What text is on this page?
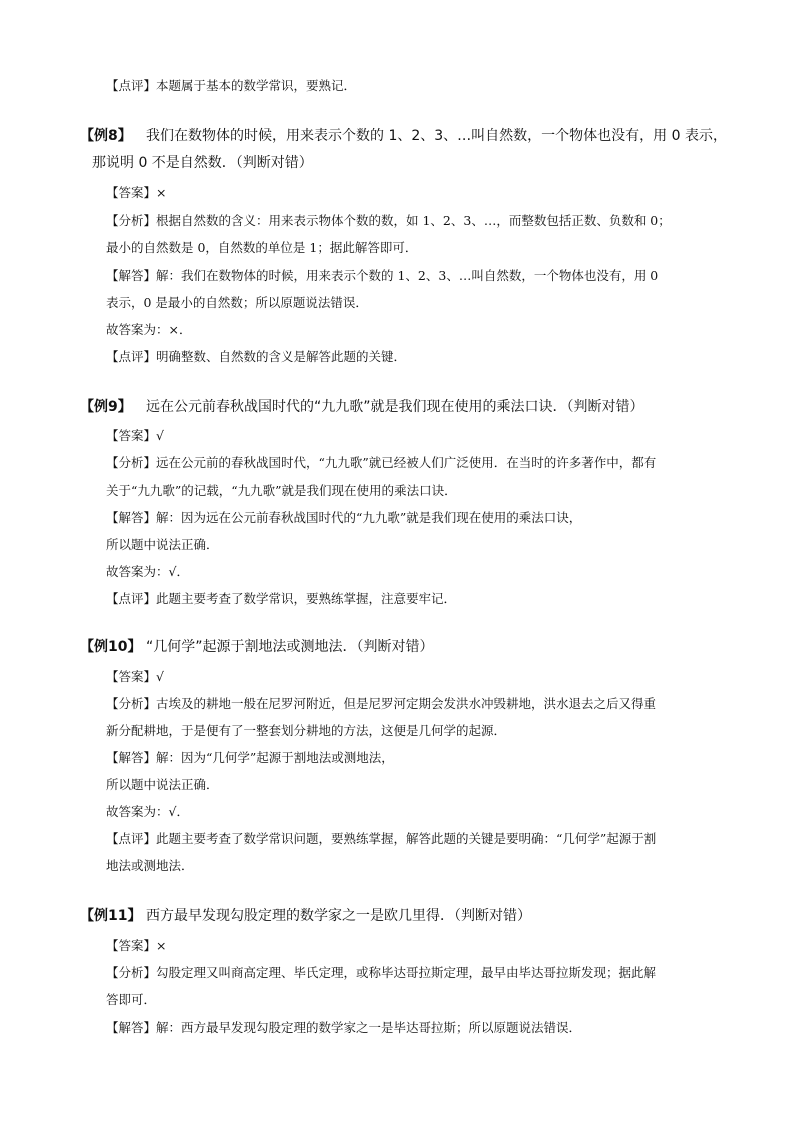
【点评】本题属于基本的数学常识，要熟记．
【例8】 我们在数物体的时候，用来表示个数的 1、2、3、…叫自然数，一个物体也没有，用 0 表示，
那说明 0 不是自然数．（判断对错）
【答案】×
【分析】根据自然数的含义：用来表示物体个数的数，如 1、2、3、…，而整数包括正数、负数和 0；
最小的自然数是 0，自然数的单位是 1；据此解答即可．
【解答】解：我们在数物体的时候，用来表示个数的 1、2、3、…叫自然数，一个物体也没有，用 0
表示，0 是最小的自然数；所以原题说法错误．
故答案为：×．
【点评】明确整数、自然数的含义是解答此题的关键．
【例9】 远在公元前春秋战国时代的“九九歌”就是我们现在使用的乘法口诀．（判断对错）
【答案】√
【分析】远在公元前的春秋战国时代，“九九歌”就已经被人们广泛使用．在当时的许多著作中，都有
关于“九九歌”的记载，“九九歌”就是我们现在使用的乘法口诀．
【解答】解：因为远在公元前春秋战国时代的“九九歌”就是我们现在使用的乘法口诀，
所以题中说法正确．
故答案为：√．
【点评】此题主要考查了数学常识，要熟练掌握，注意要牢记．
【例10】 “几何学”起源于割地法或测地法．（判断对错）
【答案】√
【分析】古埃及的耕地一般在尼罗河附近，但是尼罗河定期会发洪水冲毁耕地，洪水退去之后又得重
新分配耕地，于是便有了一整套划分耕地的方法，这便是几何学的起源．
【解答】解：因为“几何学”起源于割地法或测地法，
所以题中说法正确．
故答案为：√．
【点评】此题主要考查了数学常识问题，要熟练掌握，解答此题的关键是要明确：“几何学”起源于割
地法或测地法．
【例11】 西方最早发现勾股定理的数学家之一是欧几里得．（判断对错）
【答案】×
【分析】勾股定理又叫商高定理、毕氏定理，或称毕达哥拉斯定理，最早由毕达哥拉斯发现；据此解
答即可．
【解答】解：西方最早发现勾股定理的数学家之一是毕达哥拉斯；所以原题说法错误．
